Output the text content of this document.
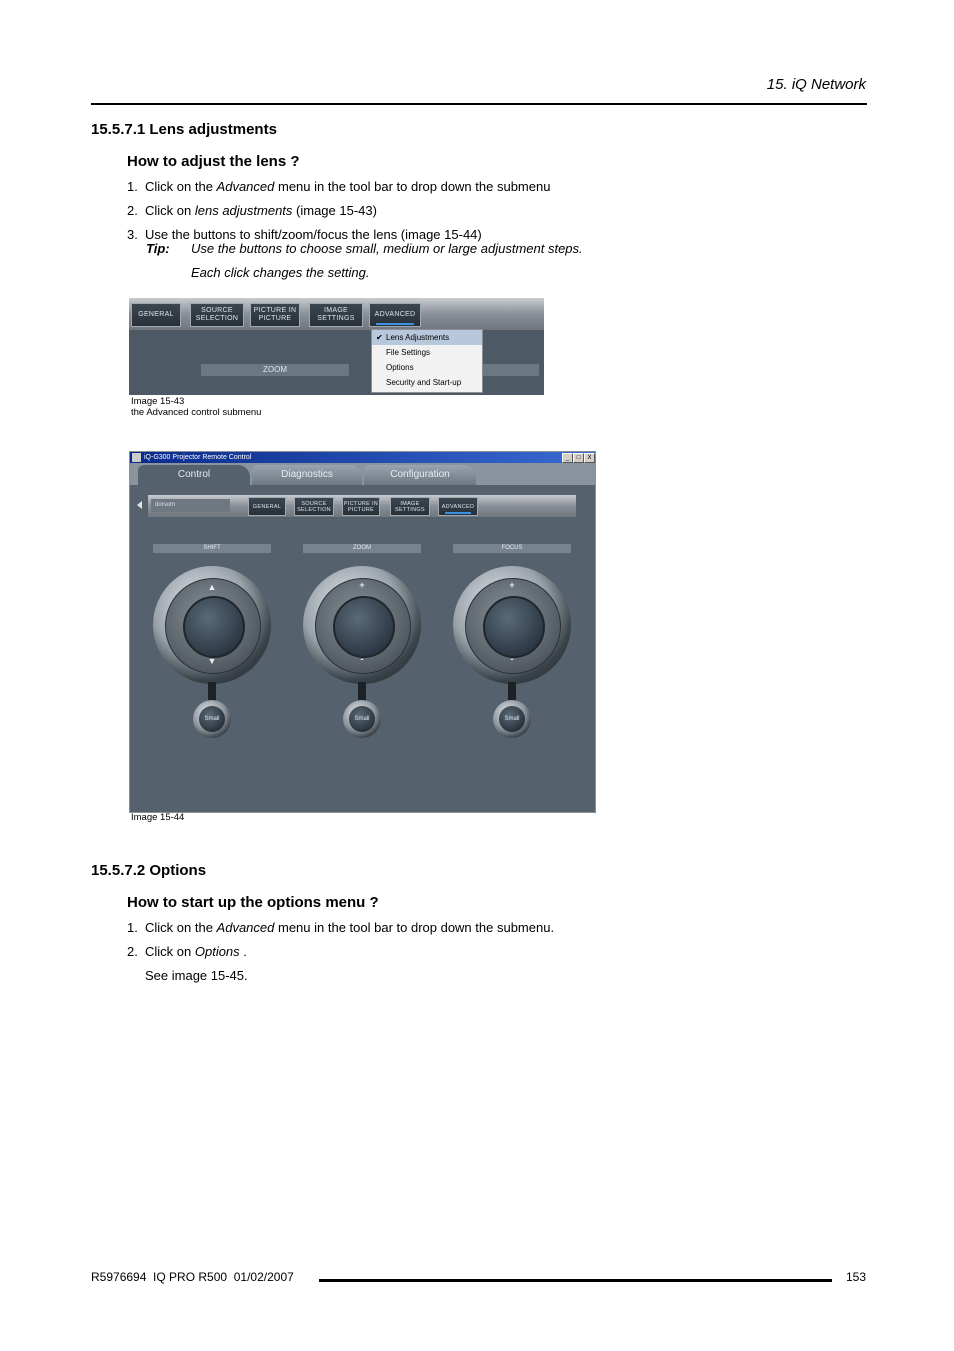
15. iQ Network
15.5.7.1 Lens adjustments
How to adjust the lens ?
1. Click on the Advanced menu in the tool bar to drop down the submenu
2. Click on lens adjustments (image 15-43)
3. Use the buttons to shift/zoom/focus the lens (image 15-44)
Tip: Use the buttons to choose small, medium or large adjustment steps.
Each click changes the setting.
GENERAL
SOURCE
SELECTION
PICTURE IN
PICTURE
IMAGE
SETTINGS
ADVANCED
ZOOM
✔ Lens Adjustments
File Settings
Options
Security and Start-up
Image 15-43
the Advanced control submenu
iQ-G300 Projector Remote Control	_	□	X
Control	Diagnostics	Configuration
dorsom	GENERAL	SOURCE
SELECTION
PICTURE IN
PICTURE
IMAGE
SETTINGS	ADVANCED
SHIFT
▲
▼
Small
ZOOM
+
-
Small
FOCUS
+
-
Small
Image 15-44
15.5.7.2 Options
How to start up the options menu ?
1. Click on the Advanced menu in the tool bar to drop down the submenu.
2. Click on Options .
See image 15-45.
R5976694  IQ PRO R500  01/02/2007	153
